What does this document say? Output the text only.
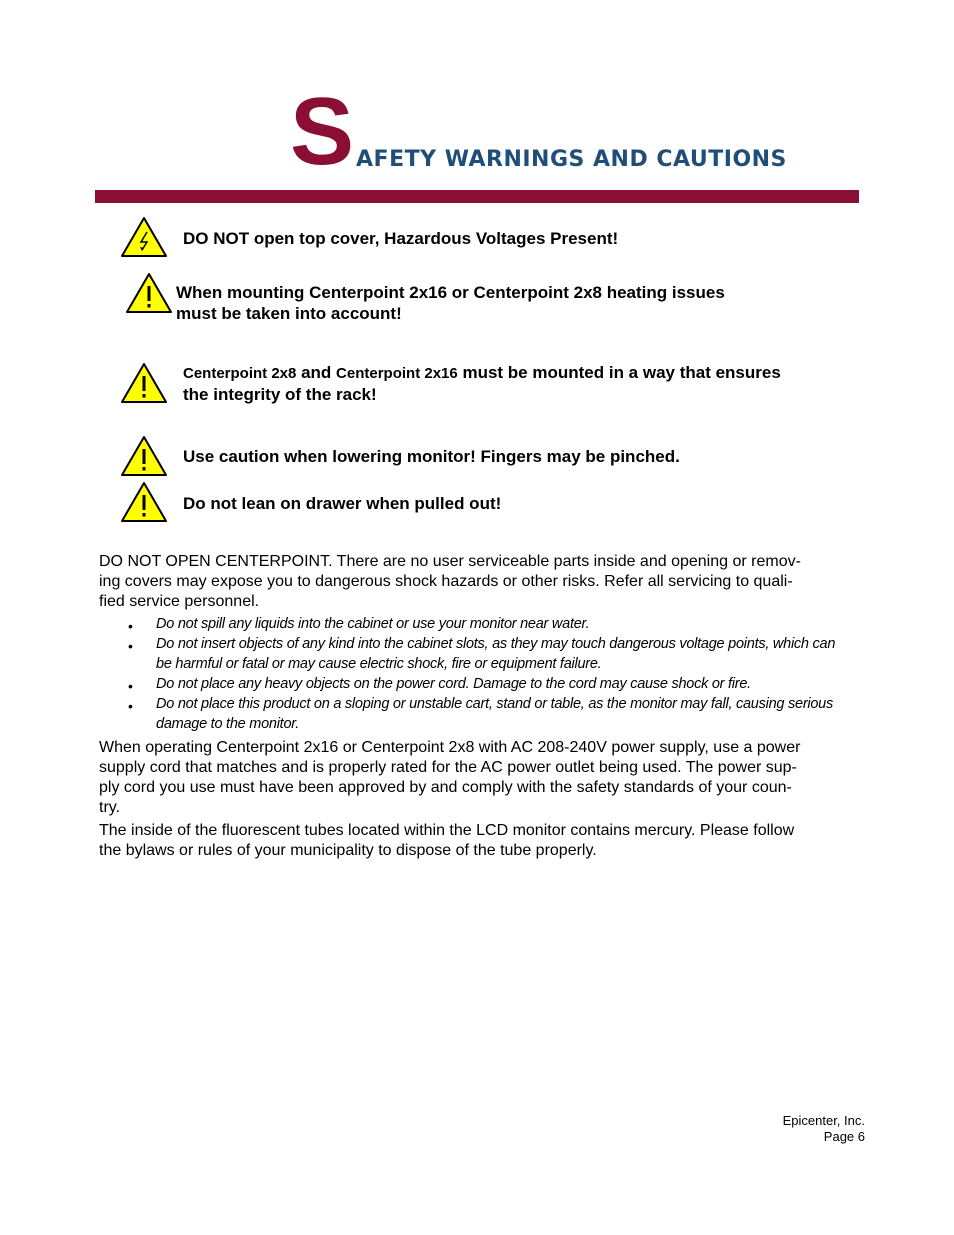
SAFETY WARNINGS AND CAUTIONS
DO NOT open top cover, Hazardous Voltages Present!
When mounting Centerpoint 2x16 or Centerpoint 2x8 heating issues
must be taken into account!
Centerpoint 2x8 and Centerpoint 2x16 must be mounted in a way that ensures
the integrity of the rack!
Use caution when lowering monitor! Fingers may be pinched.
Do not lean on drawer when pulled out!
DO NOT OPEN CENTERPOINT. There are no user serviceable parts inside and opening or remov-
ing covers may expose you to dangerous shock hazards or other risks. Refer all servicing to quali-
fied service personnel.
• Do not spill any liquids into the cabinet or use your monitor near water.
• Do not insert objects of any kind into the cabinet slots, as they may touch dangerous voltage points, which can
be harmful or fatal or may cause electric shock, fire or equipment failure.
• Do not place any heavy objects on the power cord. Damage to the cord may cause shock or fire.
• Do not place this product on a sloping or unstable cart, stand or table, as the monitor may fall, causing serious
damage to the monitor.
When operating Centerpoint 2x16 or Centerpoint 2x8 with AC 208-240V power supply, use a power
supply cord that matches and is properly rated for the AC power outlet being used. The power sup-
ply cord you use must have been approved by and comply with the safety standards of your coun-
try.
The inside of the fluorescent tubes located within the LCD monitor contains mercury. Please follow
the bylaws or rules of your municipality to dispose of the tube properly.
Epicenter, Inc.
Page 6
